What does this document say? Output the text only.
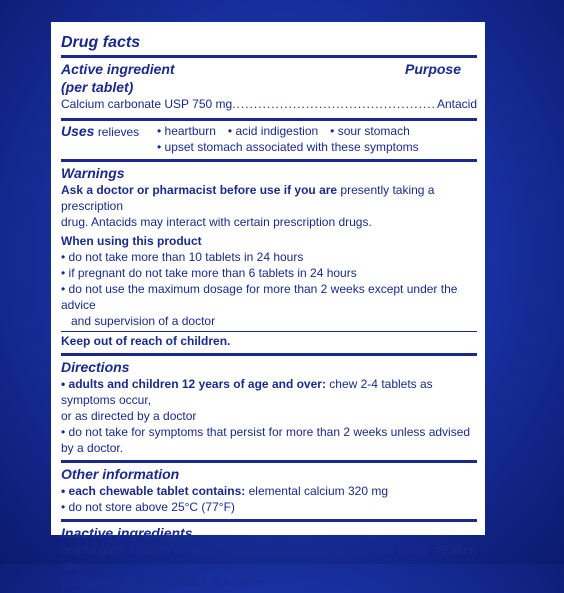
Drug facts

Active ingredient	Purpose

(per tablet)

Calcium carbonate USP 750 mg
.....	Antacid
Uses relieves	• heartburn • acid indigestion • sour stomach
• upset stomach associated with these symptoms

Warnings

Ask a doctor or pharmacist before use if you are presently taking a prescription

drug. Antacids may interact with certain prescription drugs.

When using this product

• do not take more than 10 tablets in 24 hours

• if pregnant do not take more than 6 tablets in 24 hours

• do not use the maximum dosage for more than 2 weeks except under the advice

and supervision of a doctor

Keep out of reach of children.

Directions

• adults and children 12 years of age and over: chew 2-4 tablets as symptoms occur,

or as directed by a doctor

• do not take for symptoms that persist for more than 2 weeks unless advised by a doctor.

Other information

• each chewable tablet contains: elemental calcium 320 mg

• do not store above 25°C (77°F)

Inactive ingredients

acacia gum, calcium stearate, FD&C red #40 alum lake, FD&C yellow #5 alum lake

(tartrazine), flavors, sorbitol, sucralose
